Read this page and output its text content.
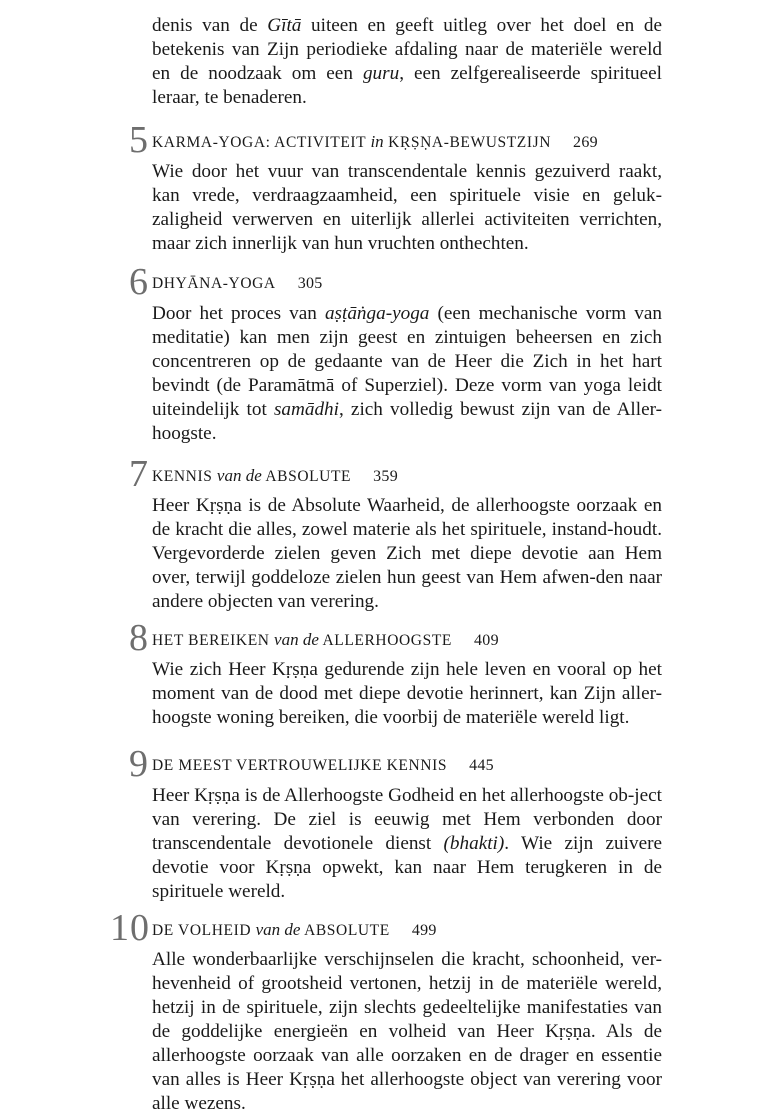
denis van de Gītā uiteen en geeft uitleg over het doel en de betekenis van Zijn periodieke afdaling naar de materiële wereld en de noodzaak om een guru, een zelfgerealiseerde spiritueel leraar, te benaderen.

5 KARMA-YOGA: ACTIVITEIT in KṚṢṆA-BEWUSTZIJN 269

Wie door het vuur van transcendentale kennis gezuiverd raakt, kan vrede, verdraagzaamheid, een spirituele visie en geluk-zaligheid verwerven en uiterlijk allerlei activiteiten verrichten, maar zich innerlijk van hun vruchten onthechten.

6 DHYĀNA-YOGA 305

Door het proces van aṣṭāṅga-yoga (een mechanische vorm van meditatie) kan men zijn geest en zintuigen beheersen en zich concentreren op de gedaante van de Heer die Zich in het hart bevindt (de Paramātmā of Superziel). Deze vorm van yoga leidt uiteindelijk tot samādhi, zich volledig bewust zijn van de Aller-hoogste.

7 KENNIS van de ABSOLUTE 359

Heer Kṛṣṇa is de Absolute Waarheid, de allerhoogste oorzaak en de kracht die alles, zowel materie als het spirituele, instand-houdt. Vergevorderde zielen geven Zich met diepe devotie aan Hem over, terwijl goddeloze zielen hun geest van Hem afwen-den naar andere objecten van verering.

8 HET BEREIKEN van de ALLERHOOGSTE 409

Wie zich Heer Kṛṣṇa gedurende zijn hele leven en vooral op het moment van de dood met diepe devotie herinnert, kan Zijn aller-hoogste woning bereiken, die voorbij de materiële wereld ligt.

9 DE MEEST VERTROUWELIJKE KENNIS 445

Heer Kṛṣṇa is de Allerhoogste Godheid en het allerhoogste ob-ject van verering. De ziel is eeuwig met Hem verbonden door transcendentale devotionele dienst (bhakti). Wie zijn zuivere devotie voor Kṛṣṇa opwekt, kan naar Hem terugkeren in de spirituele wereld.

10 DE VOLHEID van de ABSOLUTE 499

Alle wonderbaarlijke verschijnselen die kracht, schoonheid, ver-hevenheid of grootsheid vertonen, hetzij in de materiële wereld, hetzij in de spirituele, zijn slechts gedeeltelijke manifestaties van de goddelijke energieën en volheid van Heer Kṛṣṇa. Als de allerhoogste oorzaak van alle oorzaken en de drager en essentie van alles is Heer Kṛṣṇa het allerhoogste object van verering voor alle wezens.
